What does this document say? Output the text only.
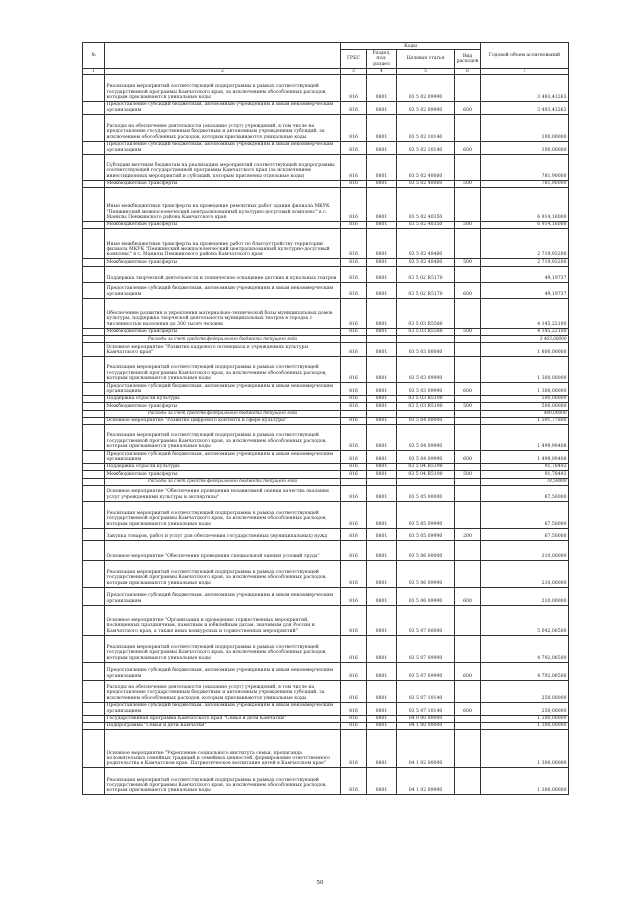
№		Коды				Годовой объем ассигнований
		ГРБС	Раздел, под-раздел	Целевая статья	Вид расходов	
1	2	3	4	5	6	7
	Реализация мероприятий соответствующей подпрограммы в рамках соответствующей государственной программы Камчатского края, за исключением обособленных расходов, которым присваиваются уникальные коды	816	0801	03 5 02 09990		3 493,43263
	Предоставление субсидий бюджетным, автономным учреждениям и иным некоммерческим организациям	816	0801	03 5 02 09990	600	3 493,43263
	Расходы на обеспечение деятельности (оказание услуг) учреждений, в том числе на предоставление государственным бюджетным и автономным учреждениям субсидий, за исключением обособленных расходов, которым присваиваются уникальные коды	816	0801	03 5 02 10140		100,00000
	Предоставление субсидий бюджетным, автономным учреждениям и иным некоммерческим организациям	816	0801	03 5 02 10140	600	100,00000
	Субсидии местным бюджетам на реализацию мероприятий соответствующей подпрограммы соответствующей государственной программы Камчатского края (за исключением инвестиционных мероприятий и субсидий, которым присвоены отдельные коды)	816	0801	03 5 02 40060		781,90000
	Межбюджетные трансферты	816	0801	03 5 02 40060	500	781,90000
	Иные межбюджетные трансферты на проведение ремонтных работ здания филиала МКУК "Пенжинский межпоселенческий централизованный культурно-досуговый комплекс" в с. Манилы Пенжинского района Камчатского края	816	0801	03 5 02 40350		6 914,16000
	Межбюджетные трансферты	816	0801	03 5 02 40350	500	6 914,16000
	Иные межбюджетные трансферты на проведение работ по благоустройству территории филиала МКУК "Пенжинский межпоселенческий централизованный культурно-досуговый комплекс" в с. Манилы Пенжинского района Камчатского края	816	0801	03 5 02 40480		2 719,93200
	Межбюджетные трансферты	816	0801	03 5 02 40480	500	2 719,93200
	Поддержка творческой деятельности и техническое оснащение детских и кукольных театров	816	0801	03 5 02 R5170		49,19737
	Предоставление субсидий бюджетным, автономным учреждениям и иным некоммерческим организациям	816	0801	03 5 02 R5170	600	49,19737
	Обеспечение развития и укрепления материально-технической базы муниципальных домов культуры, поддержка творческой деятельности муниципальных театров в городах с численностью населения до 300 тысяч человек	816	0801	03 5 03 R5580		4 145,22100
	Межбюджетные трансферты	816	0801	03 5 03 R5580	500	4 145,22100
	Расходы за счет средств федерального бюджета текущего года					3 463,00000
	Основное мероприятие "Развитие кадрового потенциала в учреждениях культуры Камчатского края"	816	0801	03 5 03 00000		1 800,00000
	Реализация мероприятий соответствующей подпрограммы в рамках соответствующей государственной программы Камчатского края, за исключением обособленных расходов, которым присваиваются уникальные коды	816	0801	03 5 03 09990		1 300,00000
	Предоставление субсидий бюджетным, автономным учреждениям и иным некоммерческим организациям	816	0801	03 5 03 09990	600	1 300,00000
	Поддержка отрасли культуры	816	0801	03 5 03 R5190		500,00000
	Межбюджетные трансферты	816	0801	03 5 03 R5190	500	500,00000
	Расходы за счет средств федерального бюджета текущего года					400,00000
	Основное мероприятие "Развитие цифрового контента в сфере культуры"	816	0801	03 5 04 00000		1 591,77800
	Реализация мероприятий соответствующей подпрограммы в рамках соответствующей государственной программы Камчатского края, за исключением обособленных расходов, которым присваиваются уникальные коды	816	0801	03 5 04 09990		1 499,99408
	Предоставление субсидий бюджетным, автономным учреждениям и иным некоммерческим организациям	816	0801	03 5 04 09990	600	1 499,99408
	Поддержка отрасли культуры	816	0801	03 5 04 R5190		91,78492
	Межбюджетные трансферты	816	0801	03 5 04 R5190	500	91,78492
	Расходы за счет средств федерального бюджета текущего года					78,50000
	Основное мероприятие "Обеспечение проведения независимой оценки качества оказания услуг учреждениями культуры и экспертизы"	816	0801	03 5 05 00000		67,50000
	Реализация мероприятий соответствующей подпрограммы в рамках соответствующей государственной программы Камчатского края, за исключением обособленных расходов, которым присваиваются уникальные коды	816	0801	03 5 05 09990		67,50000
	Закупка товаров, работ и услуг для обеспечения государственных (муниципальных) нужд	816	0801	03 5 05 09990	200	67,50000
	Основное мероприятие "Обеспечение проведения специальной оценки условий труда"	816	0801	03 5 06 00000		210,00000
	Реализация мероприятий соответствующей подпрограммы в рамках соответствующей государственной программы Камчатского края, за исключением обособленных расходов, которым присваиваются уникальные коды	816	0801	03 5 06 09990		210,00000
	Предоставление субсидий бюджетным, автономным учреждениям и иным некоммерческим организациям	816	0801	03 5 06 09990	600	210,00000
	Основное мероприятие "Организация и проведение торжественных мероприятий, посвященных праздничным, памятным и юбилейным датам, значимым для России и Камчатского края, а также иных конкурсных и торжественных мероприятий"	816	0801	03 5 07 00000		5 042,06500
	Реализация мероприятий соответствующей подпрограммы в рамках соответствующей государственной программы Камчатского края, за исключением обособленных расходов, которым присваиваются уникальные коды	816	0801	03 5 07 09990		4 792,06500
	Предоставление субсидий бюджетным, автономным учреждениям и иным некоммерческим организациям	816	0801	03 5 07 09990	600	4 792,06500
	Расходы на обеспечение деятельности (оказание услуг) учреждений, в том числе на предоставление государственным бюджетным и автономным учреждениям субсидий, за исключением обособленных расходов, которым присваиваются уникальные коды	816	0801	03 5 07 10140		250,00000
	Предоставление субсидий бюджетным, автономным учреждениям и иным некоммерческим организациям	816	0801	03 5 07 10140	600	250,00000
	Государственная программа Камчатского края "Семья и дети Камчатки"	816	0801	04 0 00 00000		1 300,00000
	Подпрограмма "Семья и дети Камчатки"	816	0801	04 1 00 00000		1 300,00000
	Основное мероприятие "Укрепление социального института семьи, пропаганда положительных семейных традиций и семейных ценностей, формирование ответственного родительства в Камчатском крае. Патриотическое воспитание детей в Камчатском крае"	816	0801	04 1 02 00000		1 300,00000
	Реализация мероприятий соответствующей подпрограммы в рамках соответствующей государственной программы Камчатского края, за исключением обособленных расходов, которым присваиваются уникальные коды	816	0801	04 1 02 09990		1 300,00000
50
